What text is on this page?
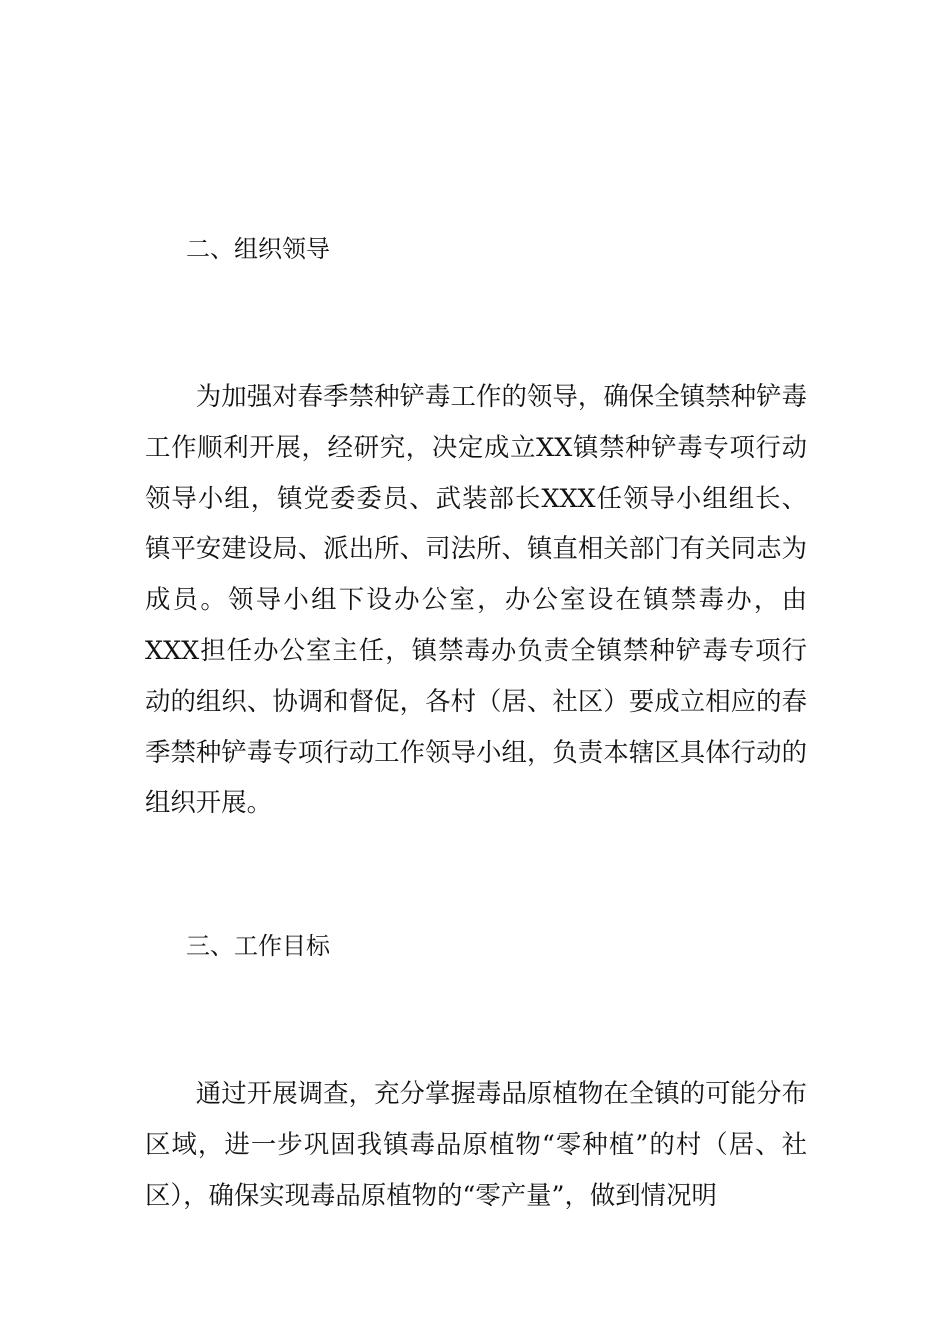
二、组织领导

为加强对春季禁种铲毒工作的领导，确保全镇禁种铲毒工作顺利开展，经研究，决定成立XX镇禁种铲毒专项行动领导小组，镇党委委员、武装部长XXX任领导小组组长、镇平安建设局、派出所、司法所、镇直相关部门有关同志为成员。领导小组下设办公室，办公室设在镇禁毒办，由XXX担任办公室主任，镇禁毒办负责全镇禁种铲毒专项行动的组织、协调和督促，各村（居、社区）要成立相应的春季禁种铲毒专项行动工作领导小组，负责本辖区具体行动的组织开展。

三、工作目标

通过开展调查，充分掌握毒品原植物在全镇的可能分布区域，进一步巩固我镇毒品原植物“零种植”的村（居、社区），确保实现毒品原植物的“零产量”，做到情况明
